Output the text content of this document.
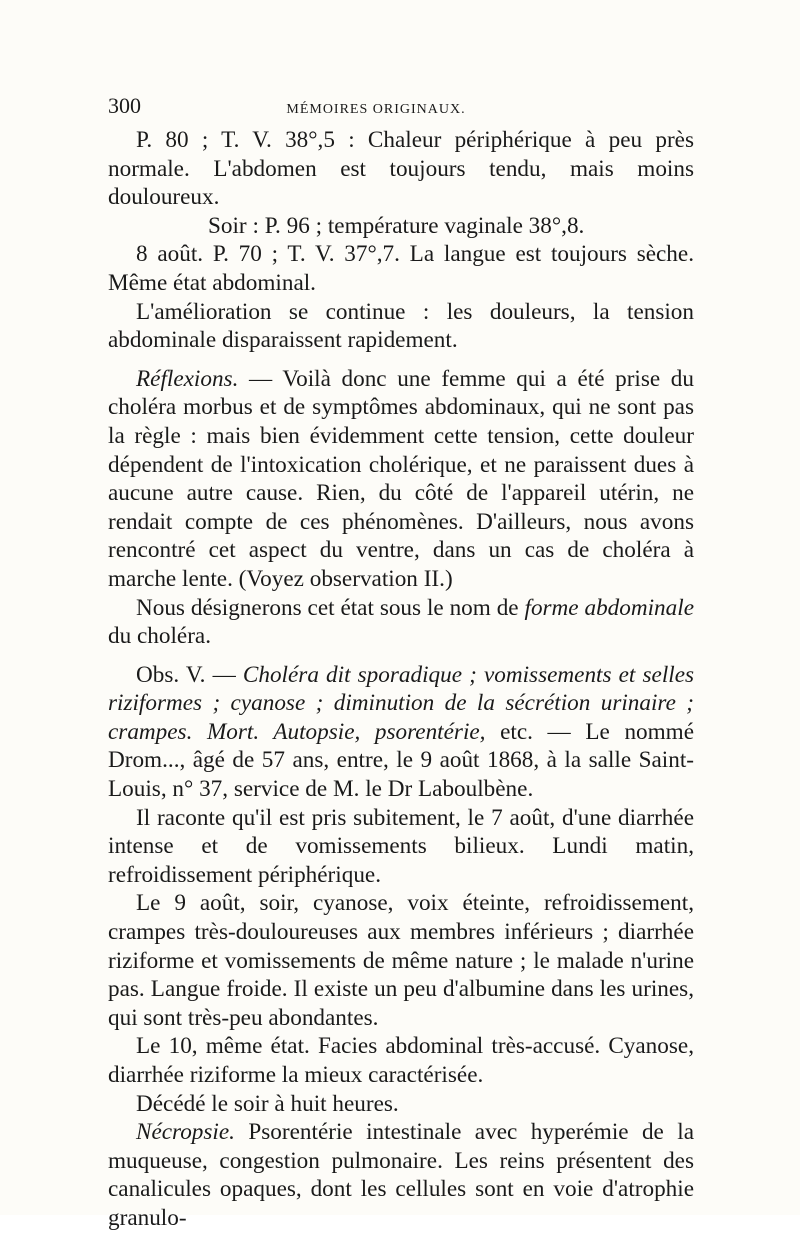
300	MÉMOIRES ORIGINAUX.

P. 80 ; T. V. 38°,5 : Chaleur périphérique à peu près normale. L'abdomen est toujours tendu, mais moins douloureux.

Soir : P. 96 ; température vaginale 38°,8.

8 août. P. 70 ; T. V. 37°,7. La langue est toujours sèche. Même état abdominal.

L'amélioration se continue : les douleurs, la tension abdominale disparaissent rapidement.

Réflexions. — Voilà donc une femme qui a été prise du choléra morbus et de symptômes abdominaux, qui ne sont pas la règle : mais bien évidemment cette tension, cette douleur dépendent de l'intoxication cholérique, et ne paraissent dues à aucune autre cause. Rien, du côté de l'appareil utérin, ne rendait compte de ces phénomènes. D'ailleurs, nous avons rencontré cet aspect du ventre, dans un cas de choléra à marche lente. (Voyez observation II.)

Nous désignerons cet état sous le nom de forme abdominale du choléra.

Obs. V. — Choléra dit sporadique ; vomissements et selles riziformes ; cyanose ; diminution de la sécrétion urinaire ; crampes. Mort. Autopsie, psorentérie, etc. — Le nommé Drom..., âgé de 57 ans, entre, le 9 août 1868, à la salle Saint-Louis, n° 37, service de M. le Dr Laboulbène.

Il raconte qu'il est pris subitement, le 7 août, d'une diarrhée intense et de vomissements bilieux. Lundi matin, refroidissement périphérique.

Le 9 août, soir, cyanose, voix éteinte, refroidissement, crampes très-douloureuses aux membres inférieurs ; diarrhée riziforme et vomissements de même nature ; le malade n'urine pas. Langue froide. Il existe un peu d'albumine dans les urines, qui sont très-peu abondantes.

Le 10, même état. Facies abdominal très-accusé. Cyanose, diarrhée riziforme la mieux caractérisée.

Décédé le soir à huit heures.

Nécropsie. Psorentérie intestinale avec hyperémie de la muqueuse, congestion pulmonaire. Les reins présentent des canalicules opaques, dont les cellules sont en voie d'atrophie granulo-
